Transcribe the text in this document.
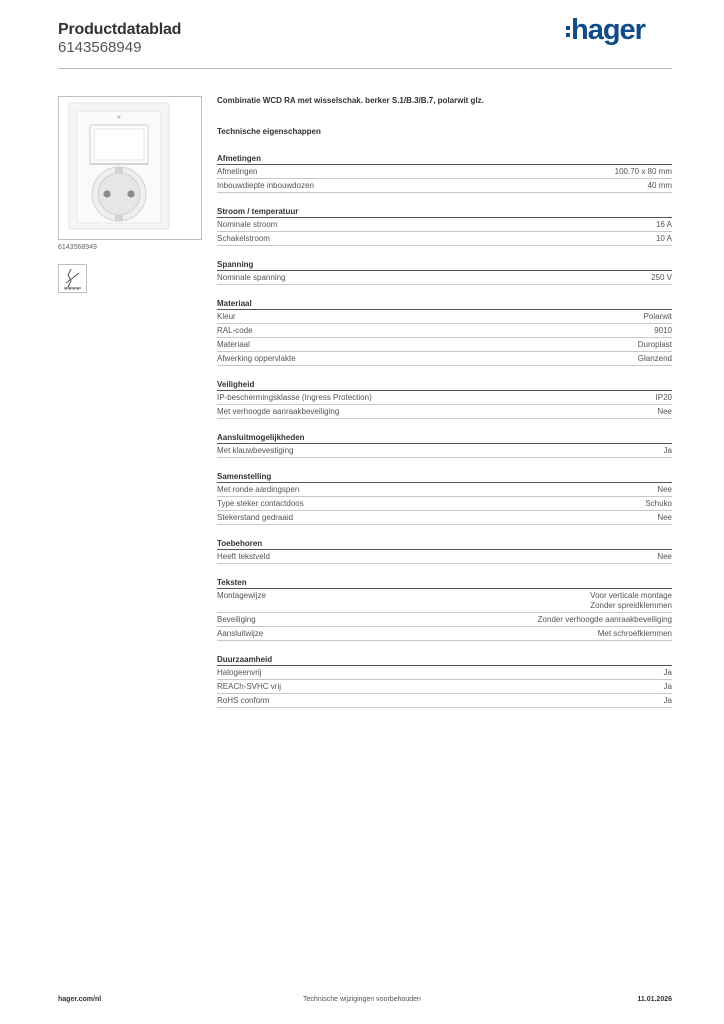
Productdatablad
6143568949
hager
6143568949
Combinatie WCD RA met wisselschak. berker S.1/B.3/B.7, polarwit glz.
Technische eigenschappen
Afmetingen
Afmetingen	100.70 x 80 mm
Inbouwdiepte inbouwdozen	40 mm
Stroom / temperatuur
Nominale stroom	16 A
Schakelstroom	10 A
Spanning
Nominale spanning	250 V
Materiaal
Kleur	Polarwit
RAL-code	9010
Materiaal	Duroplast
Afwerking oppervlakte	Glanzend
Veiligheid
IP-beschermingsklasse (Ingress Protection)	IP20
Met verhoogde aanraakbeveiliging	Nee
Aansluitmogelijkheden
Met klauwbevestiging	Ja
Samenstelling
Met ronde aardingspen	Nee
Type steker contactdoos	Schuko
Stekerstand gedraaid	Nee
Toebehoren
Heeft tekstveld	Nee
Teksten
Montagewijze	Voor verticale montage
Zonder spreidklemmen
Beveiliging	Zonder verhoogde aanraakbeveiliging
Aansluitwijze	Met schroefklemmen
Duurzaamheid
Halogeenvrij	Ja
REACh-SVHC vrij	Ja
RoHS conform	Ja
hager.com/nl	Technische wijzigingen voorbehouden	11.01.2026
